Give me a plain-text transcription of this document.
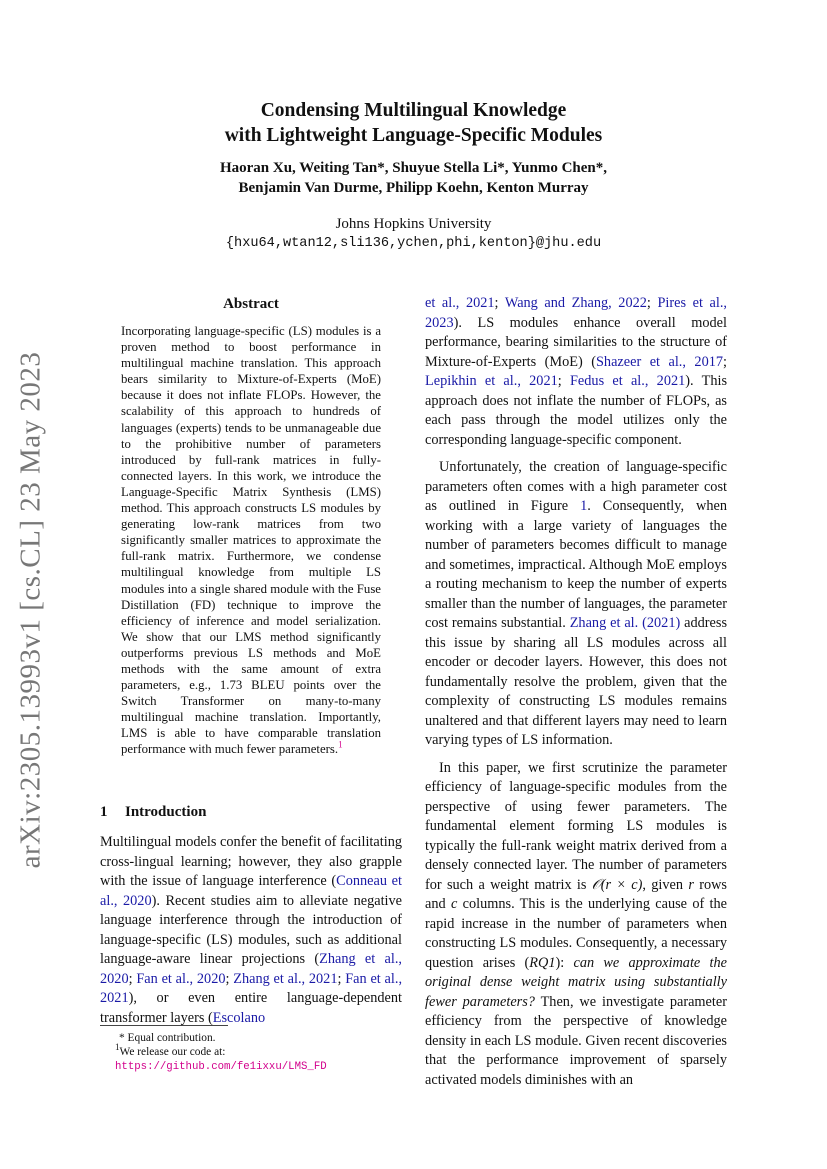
arXiv:2305.13993v1 [cs.CL] 23 May 2023
Condensing Multilingual Knowledge
with Lightweight Language-Specific Modules
Haoran Xu, Weiting Tan*, Shuyue Stella Li*, Yunmo Chen*,
Benjamin Van Durme, Philipp Koehn, Kenton Murray
Johns Hopkins University
{hxu64,wtan12,sli136,ychen,phi,kenton}@jhu.edu
Abstract
Incorporating language-specific (LS) modules is a proven method to boost performance in multilingual machine translation. This approach bears similarity to Mixture-of-Experts (MoE) because it does not inflate FLOPs. However, the scalability of this approach to hundreds of languages (experts) tends to be unmanageable due to the prohibitive number of parameters introduced by full-rank matrices in fully-connected layers. In this work, we introduce the Language-Specific Matrix Synthesis (LMS) method. This approach constructs LS modules by generating low-rank matrices from two significantly smaller matrices to approximate the full-rank matrix. Furthermore, we condense multilingual knowledge from multiple LS modules into a single shared module with the Fuse Distillation (FD) technique to improve the efficiency of inference and model serialization. We show that our LMS method significantly outperforms previous LS methods and MoE methods with the same amount of extra parameters, e.g., 1.73 BLEU points over the Switch Transformer on many-to-many multilingual machine translation. Importantly, LMS is able to have comparable translation performance with much fewer parameters.$^1$
1 Introduction

Multilingual models confer the benefit of facilitating cross-lingual learning; however, they also grapple with the issue of language interference (Conneau et al., 2020). Recent studies aim to alleviate negative language interference through the introduction of language-specific (LS) modules, such as additional language-aware linear projections (Zhang et al., 2020; Fan et al., 2020; Zhang et al., 2021; Fan et al., 2021), or even entire language-dependent transformer layers (Escolano

* Equal contribution.
$^1$We release our code at: https://github.com/fe1ixxu/LMS_FD

et al., 2021; Wang and Zhang, 2022; Pires et al., 2023). LS modules enhance overall model performance, bearing similarities to the structure of Mixture-of-Experts (MoE) (Shazeer et al., 2017; Lepikhin et al., 2021; Fedus et al., 2021). This approach does not inflate the number of FLOPs, as each pass through the model utilizes only the corresponding language-specific component.

Unfortunately, the creation of language-specific parameters often comes with a high parameter cost as outlined in Figure 1. Consequently, when working with a large variety of languages the number of parameters becomes difficult to manage and sometimes, impractical. Although MoE employs a routing mechanism to keep the number of experts smaller than the number of languages, the parameter cost remains substantial. Zhang et al. (2021) address this issue by sharing all LS modules across all encoder or decoder layers. However, this does not fundamentally resolve the problem, given that the complexity of constructing LS modules remains unaltered and that different layers may need to learn varying types of LS information.

In this paper, we first scrutinize the parameter efficiency of language-specific modules from the perspective of using fewer parameters. The fundamental element forming LS modules is typically the full-rank weight matrix derived from a densely connected layer. The number of parameters for such a weight matrix is 𝒪(r × c), given r rows and c columns. This is the underlying cause of the rapid increase in the number of parameters when constructing LS modules. Consequently, a necessary question arises (RQ1): can we approximate the original dense weight matrix using substantially fewer parameters? Then, we investigate parameter efficiency from the perspective of knowledge density in each LS module. Given recent discoveries that the performance improvement of sparsely activated models diminishes with an
